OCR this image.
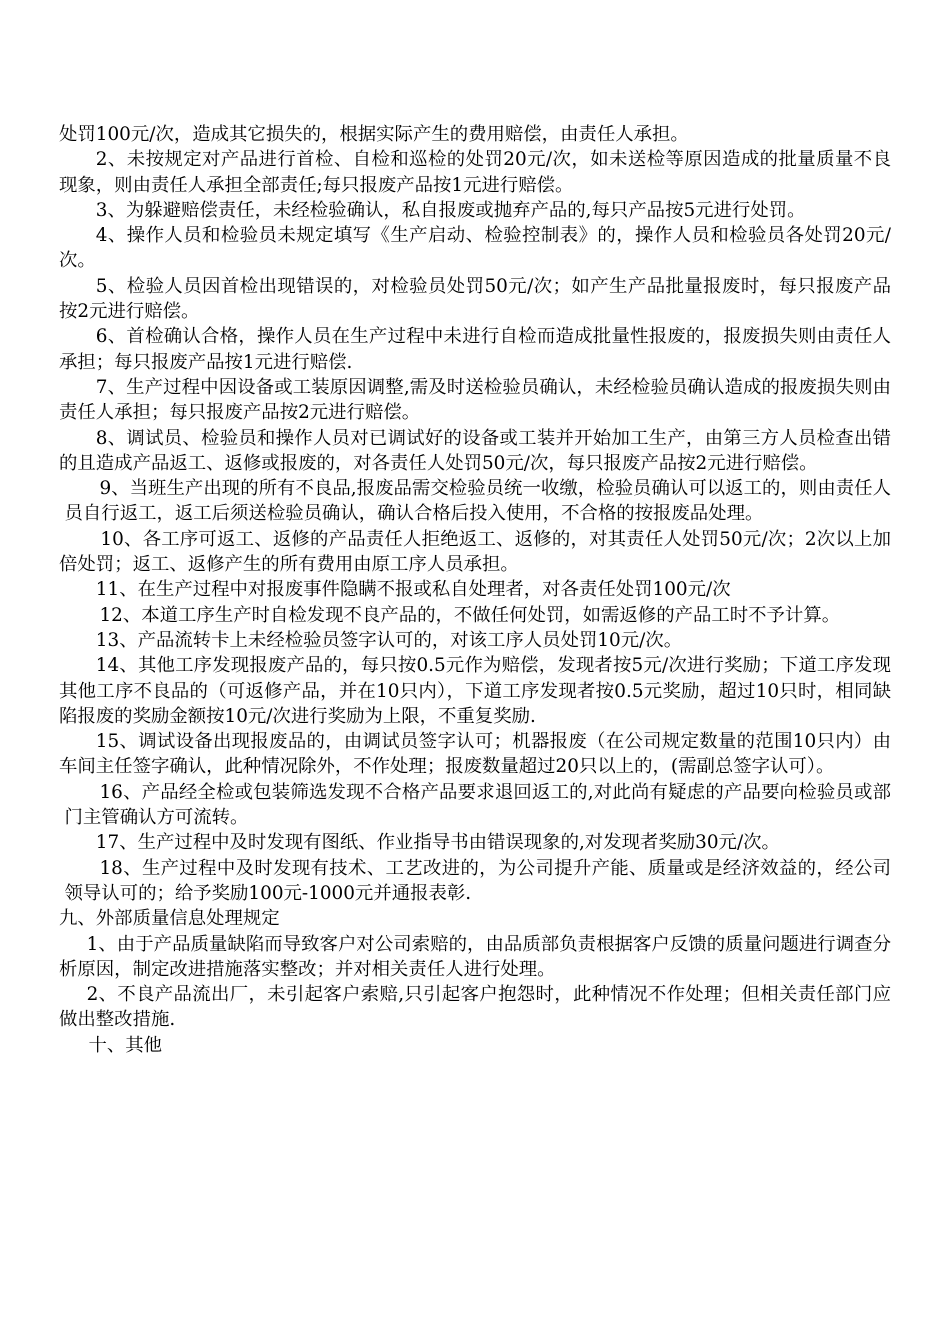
处罚100元/次，造成其它损失的，根据实际产生的费用赔偿，由责任人承担。

2、未按规定对产品进行首检、自检和巡检的处罚20元/次，如未送检等原因造成的批量质量不良现象，则由责任人承担全部责任;每只报废产品按1元进行赔偿。

3、为躲避赔偿责任，未经检验确认，私自报废或抛弃产品的,每只产品按5元进行处罚。

4、操作人员和检验员未规定填写《生产启动、检验控制表》的，操作人员和检验员各处罚20元/次。

5、检验人员因首检出现错误的，对检验员处罚50元/次；如产生产品批量报废时，每只报废产品按2元进行赔偿。

6、首检确认合格，操作人员在生产过程中未进行自检而造成批量性报废的，报废损失则由责任人承担；每只报废产品按1元进行赔偿.

7、生产过程中因设备或工装原因调整,需及时送检验员确认，未经检验员确认造成的报废损失则由责任人承担；每只报废产品按2元进行赔偿。

8、调试员、检验员和操作人员对已调试好的设备或工装并开始加工生产，由第三方人员检查出错的且造成产品返工、返修或报废的，对各责任人处罚50元/次，每只报废产品按2元进行赔偿。

9、当班生产出现的所有不良品,报废品需交检验员统一收缴，检验员确认可以返工的，则由责任人员自行返工，返工后须送检验员确认，确认合格后投入使用，不合格的按报废品处理。

10、各工序可返工、返修的产品责任人拒绝返工、返修的，对其责任人处罚50元/次；2次以上加倍处罚；返工、返修产生的所有费用由原工序人员承担。

11、在生产过程中对报废事件隐瞒不报或私自处理者，对各责任处罚100元/次

12、本道工序生产时自检发现不良产品的，不做任何处罚，如需返修的产品工时不予计算。

13、产品流转卡上未经检验员签字认可的，对该工序人员处罚10元/次。

14、其他工序发现报废产品的，每只按0.5元作为赔偿，发现者按5元/次进行奖励；下道工序发现其他工序不良品的（可返修产品，并在10只内），下道工序发现者按0.5元奖励，超过10只时，相同缺陷报废的奖励金额按10元/次进行奖励为上限，不重复奖励.

15、调试设备出现报废品的，由调试员签字认可；机器报废（在公司规定数量的范围10只内）由车间主任签字确认，此种情况除外，不作处理；报废数量超过20只以上的，(需副总签字认可）。

16、产品经全检或包装筛选发现不合格产品要求退回返工的,对此尚有疑虑的产品要向检验员或部门主管确认方可流转。

17、生产过程中及时发现有图纸、作业指导书由错误现象的,对发现者奖励30元/次。

18、生产过程中及时发现有技术、工艺改进的，为公司提升产能、质量或是经济效益的，经公司领导认可的；给予奖励100元-1000元并通报表彰.

九、外部质量信息处理规定

1、由于产品质量缺陷而导致客户对公司索赔的，由品质部负责根据客户反馈的质量问题进行调查分析原因，制定改进措施落实整改；并对相关责任人进行处理。

2、不良产品流出厂，未引起客户索赔,只引起客户抱怨时，此种情况不作处理；但相关责任部门应做出整改措施.

十、其他
